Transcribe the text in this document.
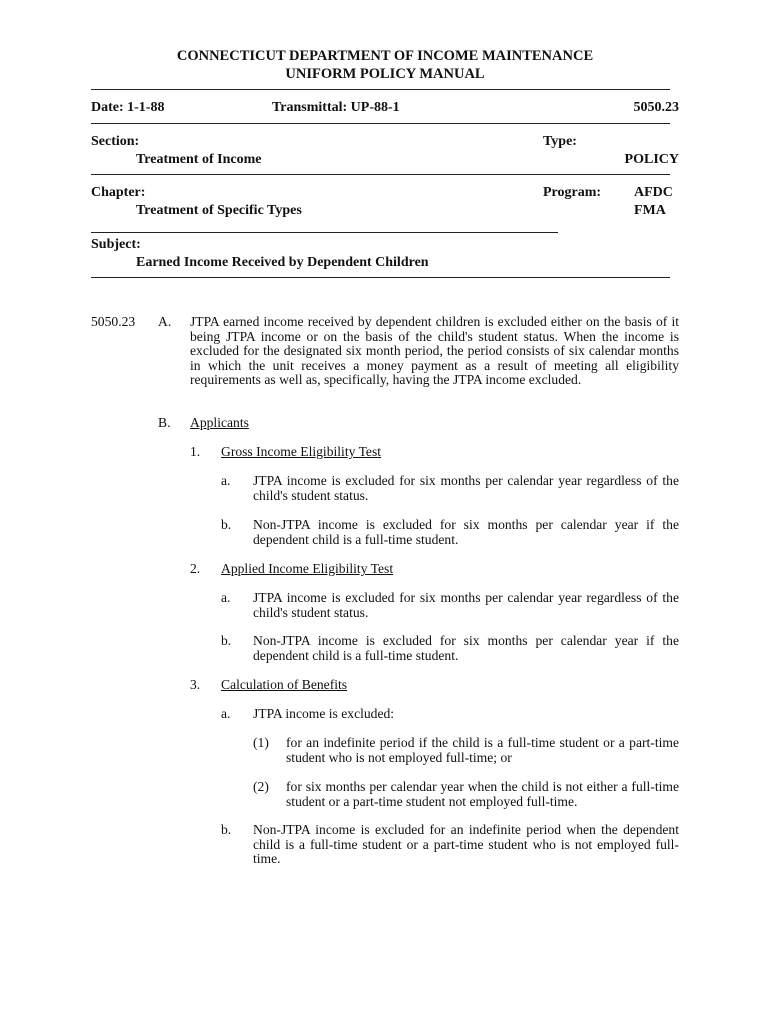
CONNECTICUT DEPARTMENT OF INCOME MAINTENANCE
UNIFORM POLICY MANUAL
Date: 1-1-88	Transmittal: UP-88-1	5050.23
Section:
Treatment of Income
Type:
POLICY
Chapter:
Treatment of Specific Types
Program: AFDC
FMA
Subject:
Earned Income Received by Dependent Children
5050.23 A. JTPA earned income received by dependent children is excluded either on the basis of it being JTPA income or on the basis of the child's student status. When the income is excluded for the designated six month period, the period consists of six calendar months in which the unit receives a money payment as a result of meeting all eligibility requirements as well as, specifically, having the JTPA income excluded.
B. Applicants
1. Gross Income Eligibility Test
a. JTPA income is excluded for six months per calendar year regardless of the child's student status.
b. Non-JTPA income is excluded for six months per calendar year if the dependent child is a full-time student.
2. Applied Income Eligibility Test
a. JTPA income is excluded for six months per calendar year regardless of the child's student status.
b. Non-JTPA income is excluded for six months per calendar year if the dependent child is a full-time student.
3. Calculation of Benefits
a. JTPA income is excluded:
(1) for an indefinite period if the child is a full-time student or a part-time student who is not employed full-time; or
(2) for six months per calendar year when the child is not either a full-time student or a part-time student not employed full-time.
b. Non-JTPA income is excluded for an indefinite period when the dependent child is a full-time student or a part-time student who is not employed full-time.
